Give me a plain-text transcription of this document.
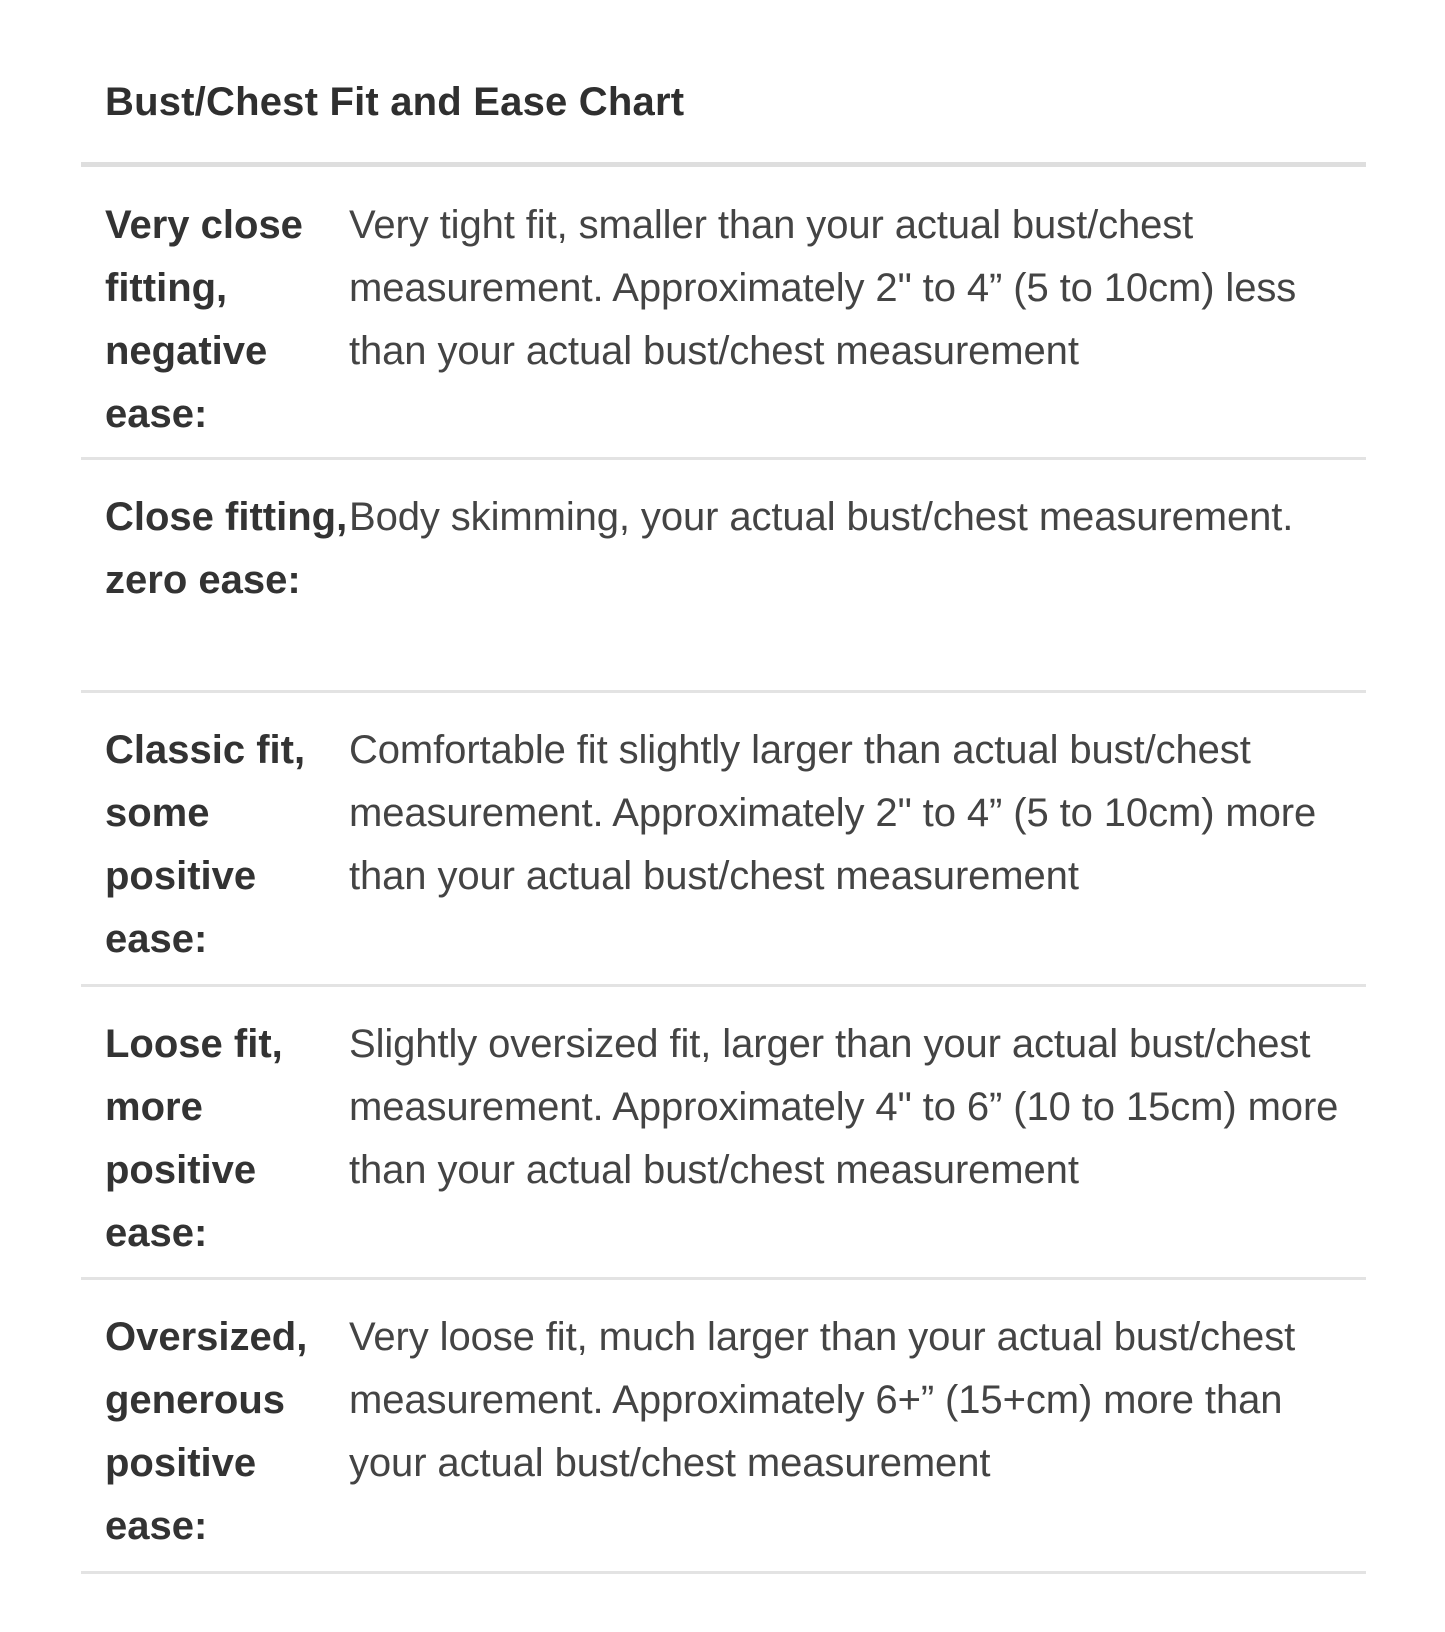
Bust/Chest Fit and Ease Chart
Very close fitting, negative ease:
Very tight fit, smaller than your actual bust/chest measurement. Approximately 2" to 4” (5 to 10cm) less than your actual bust/chest measurement
Close fitting, zero ease:
Body skimming, your actual bust/chest measurement.
Classic fit, some positive ease:
Comfortable fit slightly larger than actual bust/chest measurement. Approximately 2" to 4” (5 to 10cm) more than your actual bust/chest measurement
Loose fit, more positive ease:
Slightly oversized fit, larger than your actual bust/chest measurement. Approximately 4" to 6” (10 to 15cm) more than your actual bust/chest measurement
Oversized, generous positive ease:
Very loose fit, much larger than your actual bust/chest measurement. Approximately 6+” (15+cm) more than your actual bust/chest measurement
